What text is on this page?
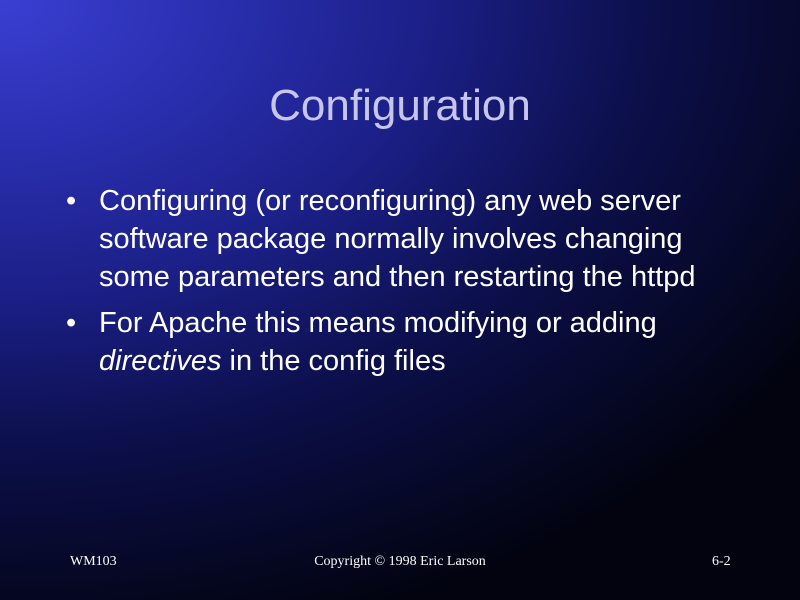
Configuration
• Configuring (or reconfiguring) any web server software package normally involves changing some parameters and then restarting the httpd
• For Apache this means modifying or adding directives in the config files
WM103	Copyright © 1998 Eric Larson	6-2
